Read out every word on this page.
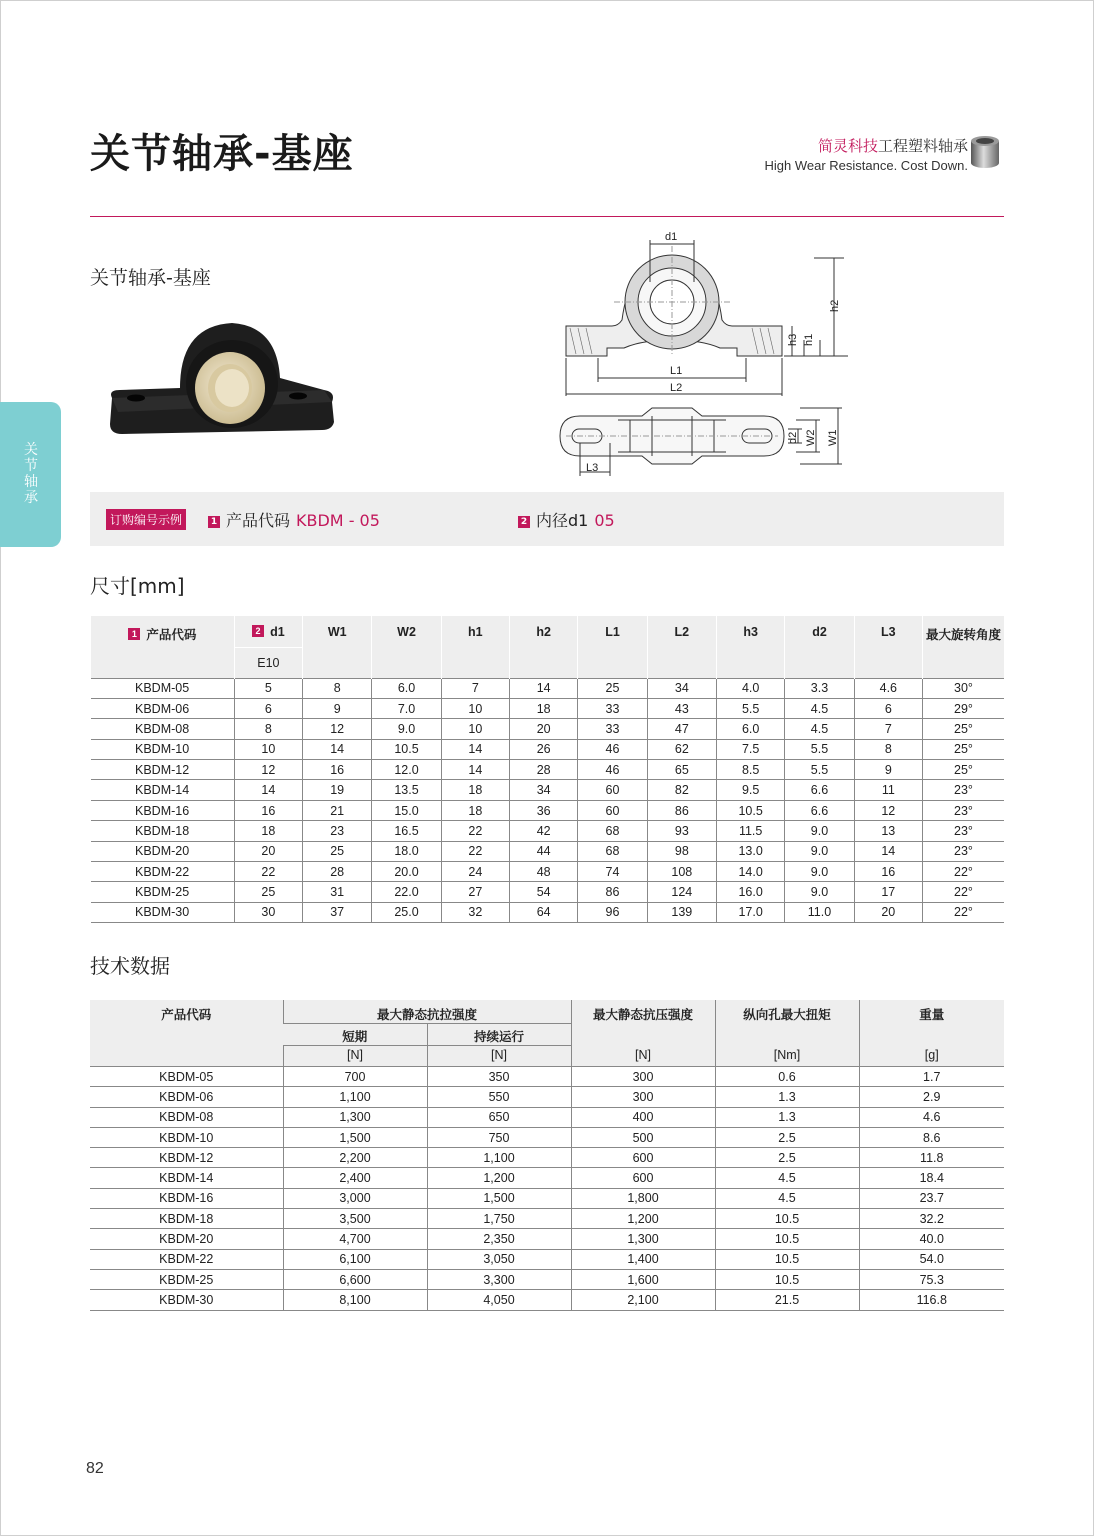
关节轴承-基座	简灵科技工程塑料轴承
High Wear Resistance. Cost Down.
关节轴承
关节轴承-基座
d1
h3 h1
h2
L1
L2
d2 W2 W1
L3
订购编号示例	1 产品代码 KBDM - 05	2 内径d1 05
尺寸[mm]
1 产品代码	2 d1	W1	W2	h1	h2	L1	L2	h3	d2	L3	最大旋转角度
	E10										
KBDM-05	5	8	6.0	7	14	25	34	4.0	3.3	4.6	30°
KBDM-06	6	9	7.0	10	18	33	43	5.5	4.5	6	29°
KBDM-08	8	12	9.0	10	20	33	47	6.0	4.5	7	25°
KBDM-10	10	14	10.5	14	26	46	62	7.5	5.5	8	25°
KBDM-12	12	16	12.0	14	28	46	65	8.5	5.5	9	25°
KBDM-14	14	19	13.5	18	34	60	82	9.5	6.6	11	23°
KBDM-16	16	21	15.0	18	36	60	86	10.5	6.6	12	23°
KBDM-18	18	23	16.5	22	42	68	93	11.5	9.0	13	23°
KBDM-20	20	25	18.0	22	44	68	98	13.0	9.0	14	23°
KBDM-22	22	28	20.0	24	48	74	108	14.0	9.0	16	22°
KBDM-25	25	31	22.0	27	54	86	124	16.0	9.0	17	22°
KBDM-30	30	37	25.0	32	64	96	139	17.0	11.0	20	22°
技术数据
产品代码	最大静态抗拉强度		最大静态抗压强度	纵向孔最大扭矩	重量
	短期	持续运行			
	[N]	[N]	[N]	[Nm]	[g]
KBDM-05	700	350	300	0.6	1.7
KBDM-06	1,100	550	300	1.3	2.9
KBDM-08	1,300	650	400	1.3	4.6
KBDM-10	1,500	750	500	2.5	8.6
KBDM-12	2,200	1,100	600	2.5	11.8
KBDM-14	2,400	1,200	600	4.5	18.4
KBDM-16	3,000	1,500	1,800	4.5	23.7
KBDM-18	3,500	1,750	1,200	10.5	32.2
KBDM-20	4,700	2,350	1,300	10.5	40.0
KBDM-22	6,100	3,050	1,400	10.5	54.0
KBDM-25	6,600	3,300	1,600	10.5	75.3
KBDM-30	8,100	4,050	2,100	21.5	116.8
82
